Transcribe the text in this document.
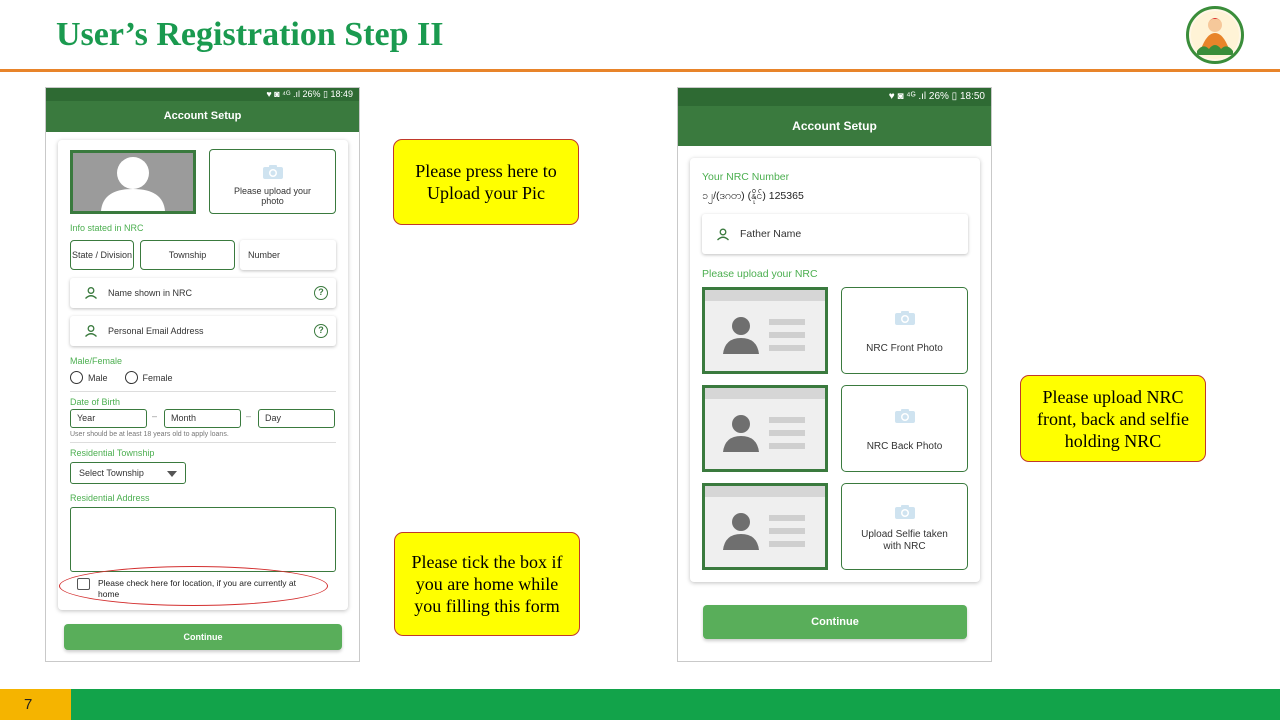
User’s Registration Step II
♥ ◙ ⁴ᴳ .ıl 26% ▯ 18:49
Account Setup
Please upload your photo
Info stated in NRC
State / Division	Township	Number
Name shown in NRC	?
Personal Email Address	?
Male/Female
Male	Female
Date of Birth
Year	–	Month	–	Day
User should be at least 18 years old to apply loans.
Residential Township
Select Township
Residential Address
Please check here for location, if you are currently at home
Continue
♥ ◙ ⁴ᴳ .ıl 26% ▯ 18:50
Account Setup
Your NRC Number
၁၂/(ဒဂတ) (နိုင်) 125365
Father Name
Please upload your NRC
NRC Front Photo
NRC Back Photo
Upload Selfie taken with NRC
Continue
Please press here to Upload your Pic
Please tick the box if you are home while you filling this form
Please upload NRC front, back and selfie holding NRC
7
